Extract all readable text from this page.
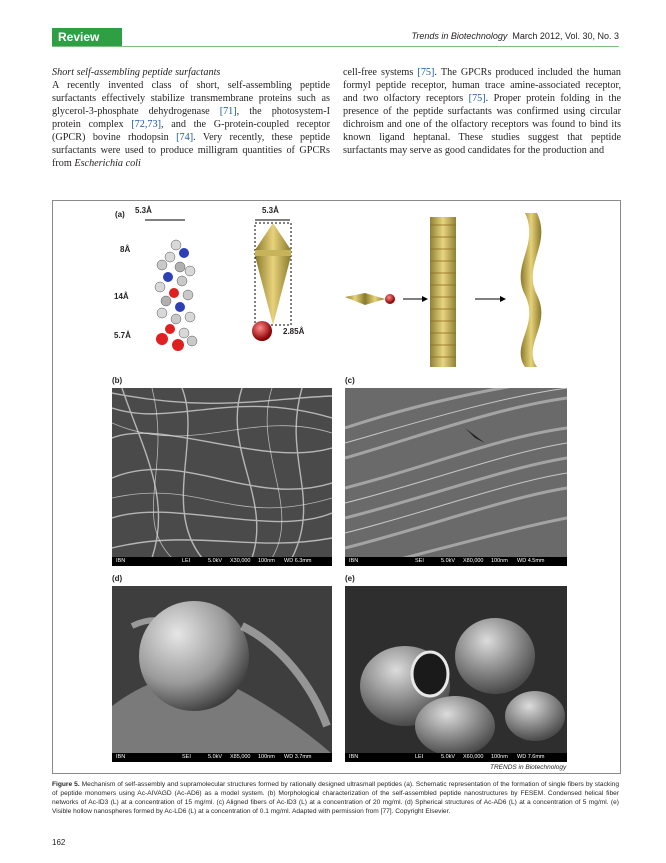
Review	Trends in Biotechnology March 2012, Vol. 30, No. 3

Short self-assembling peptide surfactants

A recently invented class of short, self-assembling peptide surfactants effectively stabilize transmembrane proteins such as glycerol-3-phosphate dehydrogenase [71], the photosystem-I protein complex [72,73], and the G-protein-coupled receptor (GPCR) bovine rhodopsin [74]. Very recently, these peptide surfactants were used to produce milligram quantities of GPCRs from Escherichia coli

cell-free systems [75]. The GPCRs produced included the human formyl peptide receptor, human trace amine-associated receptor, and two olfactory receptors [75]. Proper protein folding in the presence of the peptide surfactants was confirmed using circular dichroism and one of the olfactory receptors was found to bind its known ligand heptanal. These studies suggest that peptide surfactants may serve as good candidates for the production and

(a) 5.3Å	5.3Å
8Å
14Å
5.7Å	2.85Å
(b)	(c)
(d)	(e)
IBN	LEI	5.0kV X30,000 100nm WD 6.3mm	IBN	SEI	5.0kV X80,000 100nm WD 4.5mm
IBN	SEI	5.0kV X85,000 100nm WD 3.7mm	IBN	LEI	5.0kV X60,000 100nm WD 7.6mm
TRENDS in Biotechnology
Figure 5. Mechanism of self-assembly and supramolecular structures formed by rationally designed ultrasmall peptides (a). Schematic representation of the formation of single fibers by stacking of peptide monomers using Ac-AIVAGD (Ac-AD6) as a model system. (b) Morphological characterization of the self-assembled peptide nanostructures by FESEM. Condensed helical fiber networks of Ac-ID3 (L) at a concentration of 15 mg/ml. (c) Aligned fibers of Ac-ID3 (L) at a concentration of 20 mg/ml. (d) Spherical structures of Ac-AD6 (L) at a concentration of 5 mg/ml. (e) Visible hollow nanospheres formed by Ac-LD6 (L) at a concentration of 0.1 mg/ml. Adapted with permission from [77]. Copyright Elsevier.
162
